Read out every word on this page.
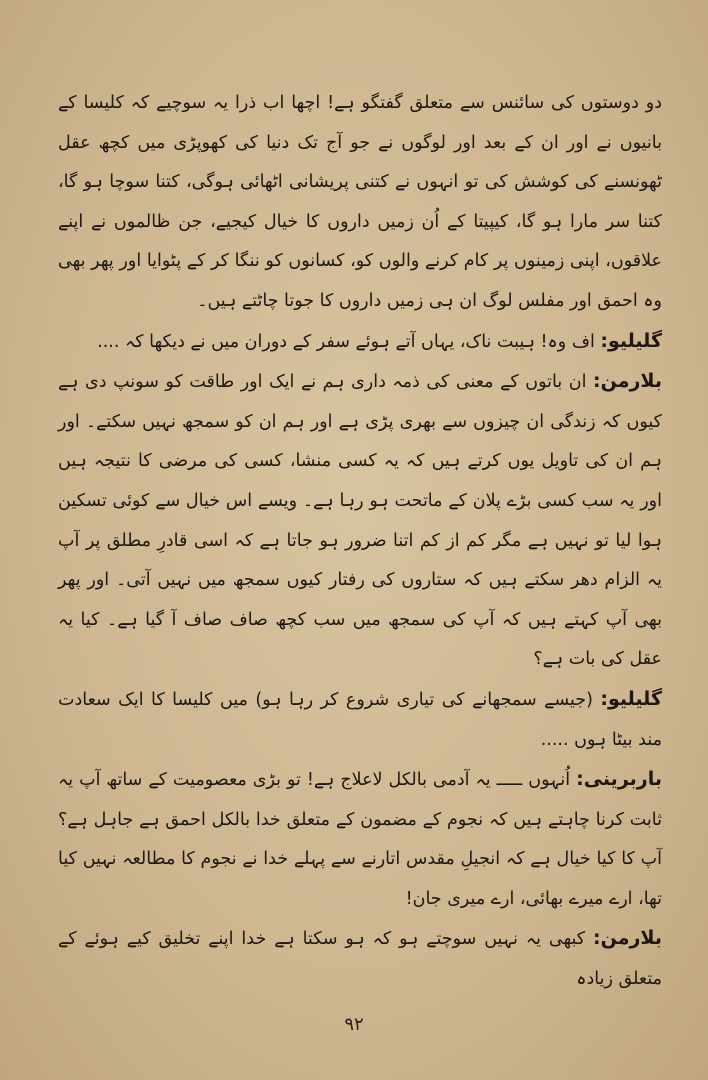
دو دوستوں کی سائنس سے متعلق گفتگو ہے! اچھا اب ذرا یہ سوچیے کہ کلیسا کے بانیوں نے اور ان کے بعد اور لوگوں نے جو آج تک دنیا کی کھوپڑی میں کچھ عقل ٹھونسنے کی کوشش کی تو انہوں نے کتنی پریشانی اٹھائی ہوگی، کتنا سوچا ہو گا، کتنا سر مارا ہو گا، کیپیتا کے اُن زمیں داروں کا خیال کیجیے، جن ظالموں نے اپنے علاقوں، اپنی زمینوں پر کام کرنے والوں کو، کسانوں کو ننگا کر کے پٹوایا اور پھر بھی وہ احمق اور مفلس لوگ ان ہی زمیں داروں کا جوتا چاٹتے ہیں۔

گلیلیو: اف وہ! ہیبت ناک، یہاں آتے ہوئے سفر کے دوران میں نے دیکھا کہ ....

بلارمن: ان باتوں کے معنی کی ذمہ داری ہم نے ایک اور طاقت کو سونپ دی ہے کیوں کہ زندگی ان چیزوں سے بھری پڑی ہے اور ہم ان کو سمجھ نہیں سکتے۔ اور ہم ان کی تاویل یوں کرتے ہیں کہ یہ کسی منشا، کسی کی مرضی کا نتیجہ ہیں اور یہ سب کسی بڑے پلان کے ماتحت ہو رہا ہے۔ ویسے اس خیال سے کوئی تسکین ہوا لیا تو نہیں ہے مگر کم از کم اتنا ضرور ہو جاتا ہے کہ اسی قادرِ مطلق پر آپ یہ الزام دھر سکتے ہیں کہ ستاروں کی رفتار کیوں سمجھ میں نہیں آتی۔ اور پھر بھی آپ کہتے ہیں کہ آپ کی سمجھ میں سب کچھ صاف صاف آ گیا ہے۔ کیا یہ عقل کی بات ہے؟

گلیلیو: (جیسے سمجھانے کی تیاری شروع کر رہا ہو) میں کلیسا کا ایک سعادت مند بیٹا ہوں .....

باربرینی: اُنہوں ـــــ یہ آدمی بالکل لاعلاج ہے! تو بڑی معصومیت کے ساتھ آپ یہ ثابت کرنا چاہتے ہیں کہ نجوم کے مضمون کے متعلق خدا بالکل احمق ہے جاہل ہے؟ آپ کا کیا خیال ہے کہ انجیلِ مقدس اتارنے سے پہلے خدا نے نجوم کا مطالعہ نہیں کیا تھا، ارے میرے بھائی، ارے میری جان!

بلارمن: کبھی یہ نہیں سوچتے ہو کہ ہو سکتا ہے خدا اپنے تخلیق کیے ہوئے کے متعلق زیادہ

۹۲
